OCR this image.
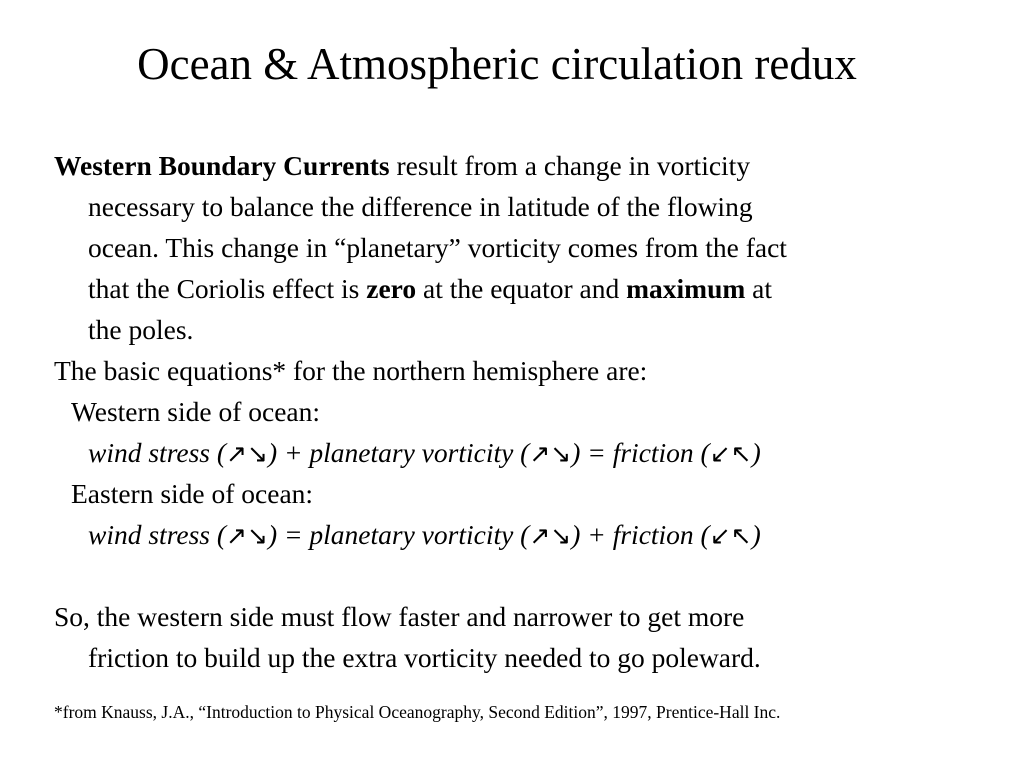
Ocean & Atmospheric circulation redux
Western Boundary Currents result from a change in vorticity
necessary to balance the difference in latitude of the flowing
ocean. This change in “planetary” vorticity comes from the fact
that the Coriolis effect is zero at the equator and maximum at
the poles.
The basic equations* for the northern hemisphere are:
Western side of ocean:
wind stress (↗↘) + planetary vorticity (↗↘) = friction (↙↖)
Eastern side of ocean:
wind stress (↗↘) = planetary vorticity (↗↘) + friction (↙↖)
So, the western side must flow faster and narrower to get more
friction to build up the extra vorticity needed to go poleward.
*from Knauss, J.A., “Introduction to Physical Oceanography, Second Edition”, 1997, Prentice-Hall Inc.
